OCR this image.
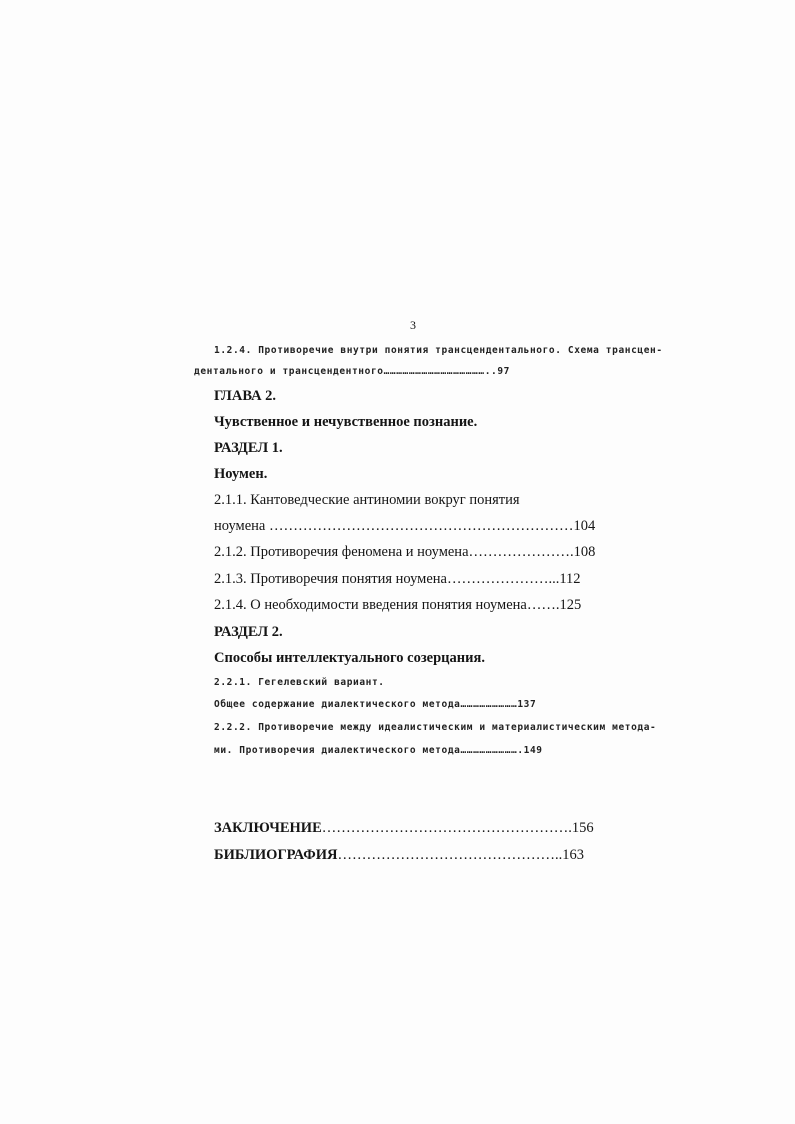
3
1.2.4. Противоречие внутри понятия трансцендентального. Схема трансцен-
дентального и трансцендентного…………………………………………..97
ГЛАВА 2.
Чувственное и нечувственное познание.
РАЗДЕЛ 1.
Ноумен.
2.1.1. Кантоведческие антиномии вокруг понятия
ноумена ………………………………………………………104
2.1.2. Противоречия феномена и ноумена………………….108
2.1.3. Противоречия понятия ноумена…………………...112
2.1.4. О необходимости введения понятия ноумена…….125
РАЗДЕЛ 2.
Способы интеллектуального созерцания.
2.2.1. Гегелевский вариант.
Общее содержание диалектического метода………………………137
2.2.2. Противоречие между идеалистическим и материалистическим метода-
ми. Противоречия диалектического метода……………………….149
ЗАКЛЮЧЕНИЕ…………………………………………….156
БИБЛИОГРАФИЯ………………………………………..163
